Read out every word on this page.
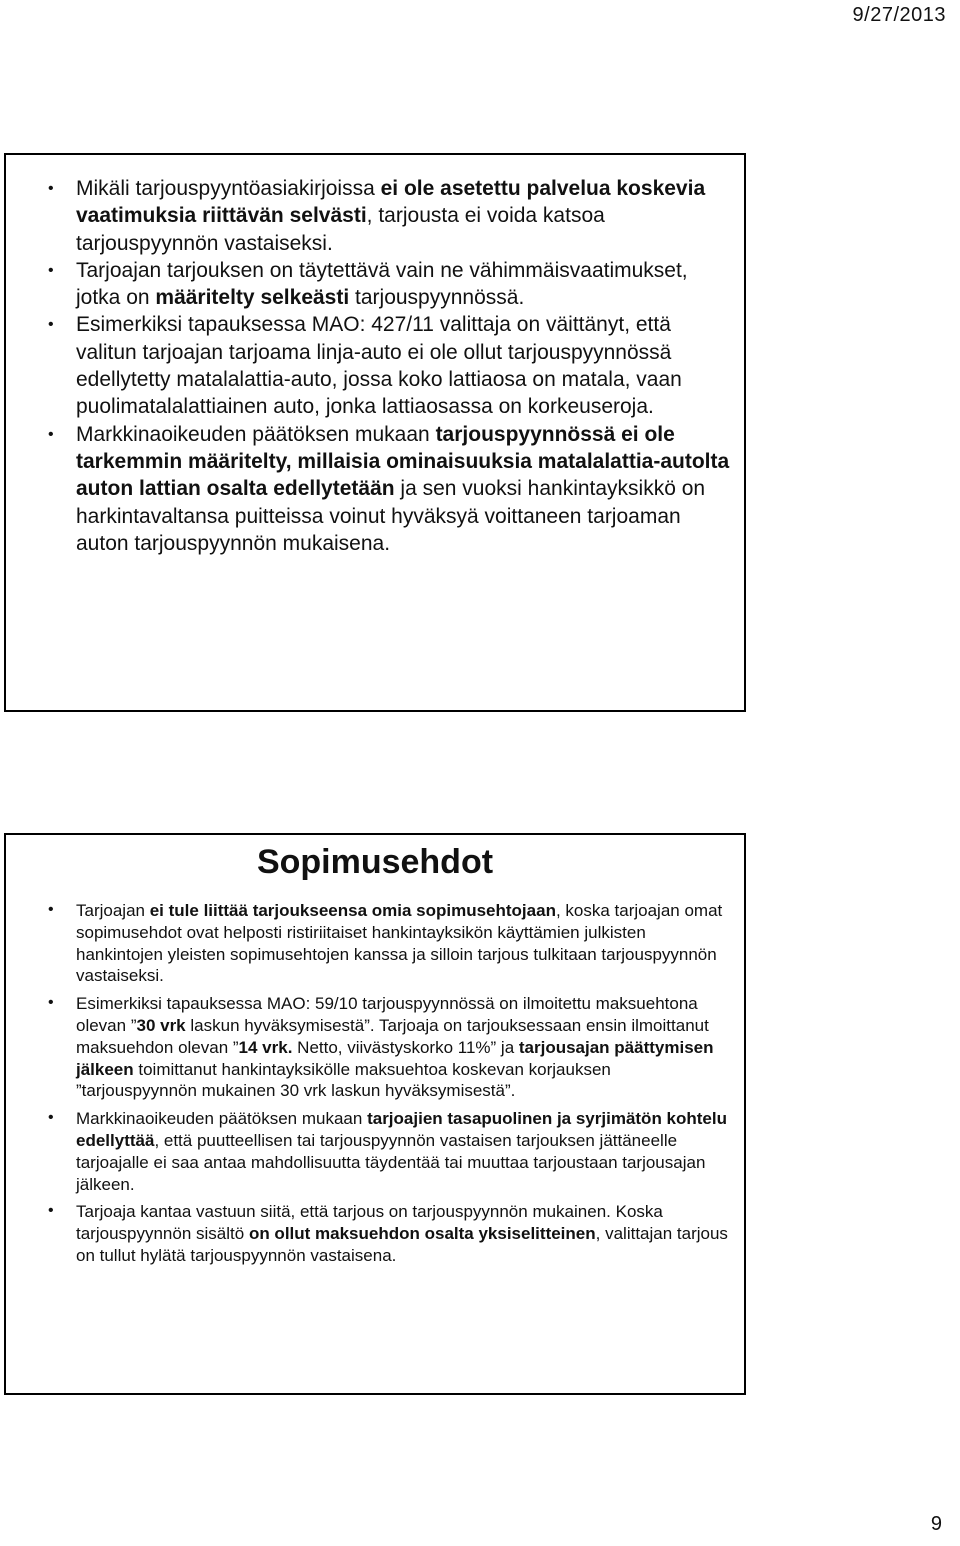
9/27/2013
• Mikäli tarjouspyyntöasiakirjoissa ei ole asetettu palvelua koskevia vaatimuksia riittävän selvästi, tarjousta ei voida katsoa tarjouspyynnön vastaiseksi.
• Tarjoajan tarjouksen on täytettävä vain ne vähimmäisvaatimukset, jotka on määritelty selkeästi tarjouspyynnössä.
• Esimerkiksi tapauksessa MAO: 427/11 valittaja on väittänyt, että valitun tarjoajan tarjoama linja-auto ei ole ollut tarjouspyynnössä edellytetty matalalattia-auto, jossa koko lattiaosa on matala, vaan puolimatalalattiainen auto, jonka lattiaosassa on korkeuseroja.
• Markkinaoikeuden päätöksen mukaan tarjouspyynnössä ei ole tarkemmin määritelty, millaisia ominaisuuksia matalalattia-autolta auton lattian osalta edellytetään ja sen vuoksi hankintayksikkö on harkintavaltansa puitteissa voinut hyväksyä voittaneen tarjoaman auton tarjouspyynnön mukaisena.
Sopimusehdot
• Tarjoajan ei tule liittää tarjoukseensa omia sopimusehtojaan, koska tarjoajan omat sopimusehdot ovat helposti ristiriitaiset hankintayksikön käyttämien julkisten hankintojen yleisten sopimusehtojen kanssa ja silloin tarjous tulkitaan tarjouspyynnön vastaiseksi.
• Esimerkiksi tapauksessa MAO: 59/10 tarjouspyynnössä on ilmoitettu maksuehtona olevan ”30 vrk laskun hyväksymisestä”. Tarjoaja on tarjouksessaan ensin ilmoittanut maksuehdon olevan ”14 vrk. Netto, viivästyskorko 11%” ja tarjousajan päättymisen jälkeen toimittanut hankintayksikölle maksuehtoa koskevan korjauksen ”tarjouspyynnön mukainen 30 vrk laskun hyväksymisestä”.
• Markkinaoikeuden päätöksen mukaan tarjoajien tasapuolinen ja syrjimätön kohtelu edellyttää, että puutteellisen tai tarjouspyynnön vastaisen tarjouksen jättäneelle tarjoajalle ei saa antaa mahdollisuutta täydentää tai muuttaa tarjoustaan tarjousajan jälkeen.
• Tarjoaja kantaa vastuun siitä, että tarjous on tarjouspyynnön mukainen. Koska tarjouspyynnön sisältö on ollut maksuehdon osalta yksiselitteinen, valittajan tarjous on tullut hylätä tarjouspyynnön vastaisena.
9
